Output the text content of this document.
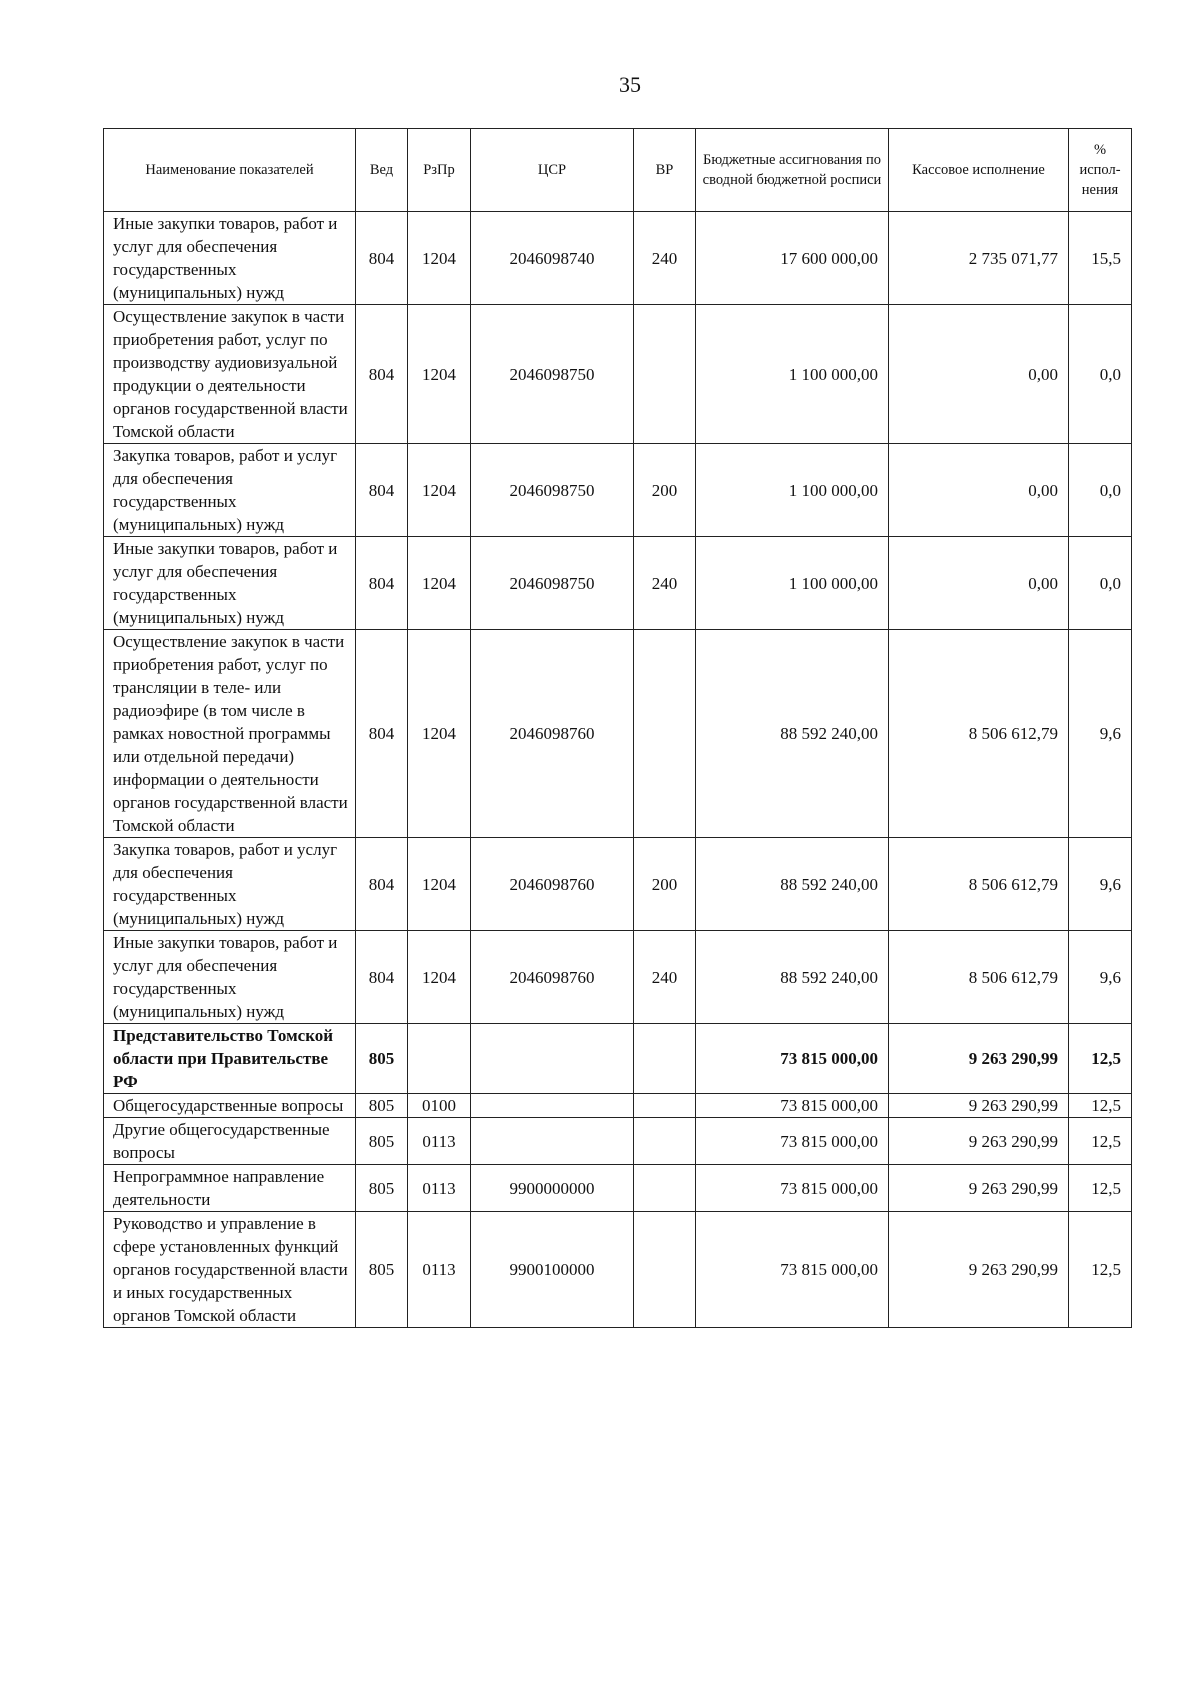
35
Наименование показателей	Вед	РзПр	ЦСР	ВР	Бюджетные ассигнования по сводной бюджетной росписи	Кассовое исполнение	% испол-нения
Иные закупки товаров, работ и услуг для обеспечения государственных (муниципальных) нужд	804	1204	2046098740	240	17 600 000,00	2 735 071,77	15,5
Осуществление закупок в части приобретения работ, услуг по производству аудиовизуальной продукции о деятельности органов государственной власти Томской области	804	1204	2046098750		1 100 000,00	0,00	0,0
Закупка товаров, работ и услуг для обеспечения государственных (муниципальных) нужд	804	1204	2046098750	200	1 100 000,00	0,00	0,0
Иные закупки товаров, работ и услуг для обеспечения государственных (муниципальных) нужд	804	1204	2046098750	240	1 100 000,00	0,00	0,0
Осуществление закупок в части приобретения работ, услуг по трансляции в теле- или радиоэфире (в том числе в рамках новостной программы или отдельной передачи) информации о деятельности органов государственной власти Томской области	804	1204	2046098760		88 592 240,00	8 506 612,79	9,6
Закупка товаров, работ и услуг для обеспечения государственных (муниципальных) нужд	804	1204	2046098760	200	88 592 240,00	8 506 612,79	9,6
Иные закупки товаров, работ и услуг для обеспечения государственных (муниципальных) нужд	804	1204	2046098760	240	88 592 240,00	8 506 612,79	9,6
Представительство Томской области при Правительстве РФ	805				73 815 000,00	9 263 290,99	12,5
Общегосударственные вопросы	805	0100			73 815 000,00	9 263 290,99	12,5
Другие общегосударственные вопросы	805	0113			73 815 000,00	9 263 290,99	12,5
Непрограммное направление деятельности	805	0113	9900000000		73 815 000,00	9 263 290,99	12,5
Руководство и управление в сфере установленных функций органов государственной власти и иных государственных органов Томской области	805	0113	9900100000		73 815 000,00	9 263 290,99	12,5
